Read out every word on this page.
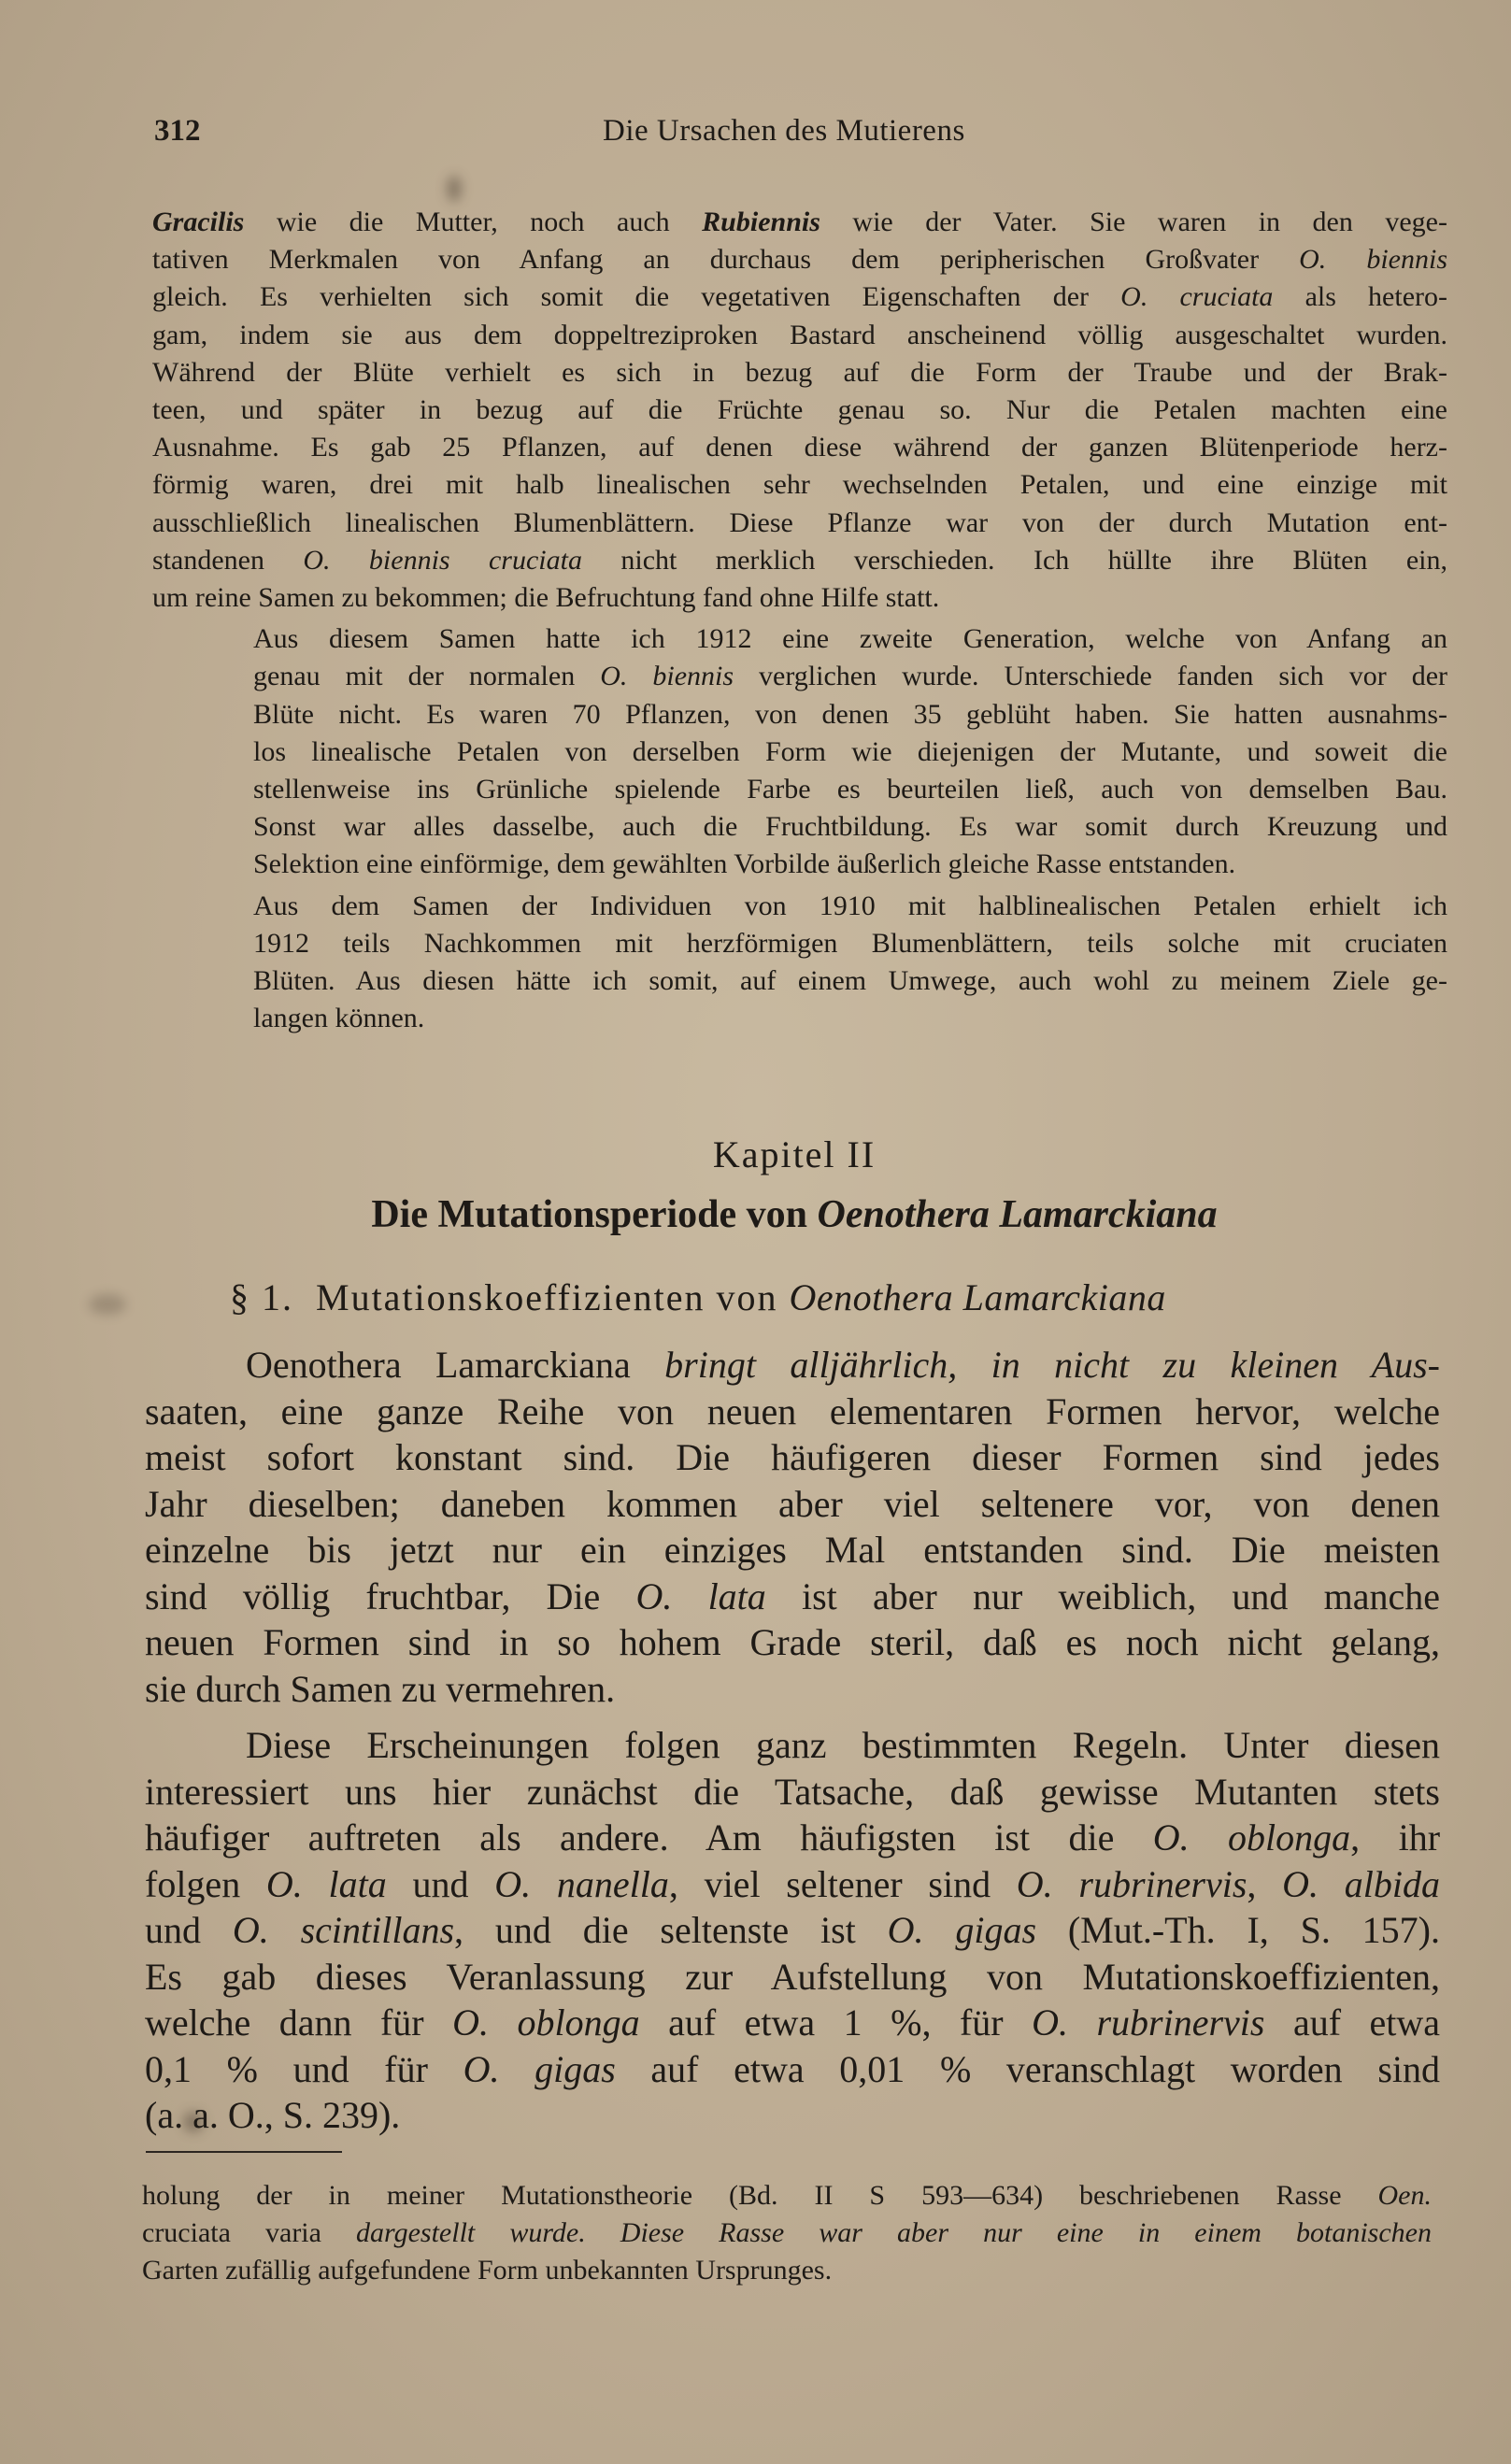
312	Die Ursachen des Mutierens

Gracilis wie die Mutter, noch auch Rubiennis wie der Vater. Sie waren in den vege-
tativen Merkmalen von Anfang an durchaus dem peripherischen Großvater O. biennis
gleich. Es verhielten sich somit die vegetativen Eigenschaften der O. cruciata als hetero-
gam, indem sie aus dem doppeltreziproken Bastard anscheinend völlig ausgeschaltet wurden.
Während der Blüte verhielt es sich in bezug auf die Form der Traube und der Brak-
teen, und später in bezug auf die Früchte genau so. Nur die Petalen machten eine
Ausnahme. Es gab 25 Pflanzen, auf denen diese während der ganzen Blütenperiode herz-
förmig waren, drei mit halb linealischen sehr wechselnden Petalen, und eine einzige mit
ausschließlich linealischen Blumenblättern. Diese Pflanze war von der durch Mutation ent-
standenen O. biennis cruciata nicht merklich verschieden. Ich hüllte ihre Blüten ein,
um reine Samen zu bekommen; die Befruchtung fand ohne Hilfe statt.

Aus diesem Samen hatte ich 1912 eine zweite Generation, welche von Anfang an
genau mit der normalen O. biennis verglichen wurde. Unterschiede fanden sich vor der
Blüte nicht. Es waren 70 Pflanzen, von denen 35 geblüht haben. Sie hatten ausnahms-
los linealische Petalen von derselben Form wie diejenigen der Mutante, und soweit die
stellenweise ins Grünliche spielende Farbe es beurteilen ließ, auch von demselben Bau.
Sonst war alles dasselbe, auch die Fruchtbildung. Es war somit durch Kreuzung und
Selektion eine einförmige, dem gewählten Vorbilde äußerlich gleiche Rasse entstanden.

Aus dem Samen der Individuen von 1910 mit halblinealischen Petalen erhielt ich
1912 teils Nachkommen mit herzförmigen Blumenblättern, teils solche mit cruciaten
Blüten. Aus diesen hätte ich somit, auf einem Umwege, auch wohl zu meinem Ziele ge-
langen können.

Kapitel II
Die Mutationsperiode von Oenothera Lamarckiana
§ 1. Mutationskoeffizienten von Oenothera Lamarckiana
Oenothera Lamarckiana bringt alljährlich, in nicht zu kleinen Aus-
saaten, eine ganze Reihe von neuen elementaren Formen hervor, welche
meist sofort konstant sind. Die häufigeren dieser Formen sind jedes
Jahr dieselben; daneben kommen aber viel seltenere vor, von denen
einzelne bis jetzt nur ein einziges Mal entstanden sind. Die meisten
sind völlig fruchtbar, Die O. lata ist aber nur weiblich, und manche
neuen Formen sind in so hohem Grade steril, daß es noch nicht gelang,
sie durch Samen zu vermehren.
Diese Erscheinungen folgen ganz bestimmten Regeln. Unter diesen
interessiert uns hier zunächst die Tatsache, daß gewisse Mutanten stets
häufiger auftreten als andere. Am häufigsten ist die O. oblonga, ihr
folgen O. lata und O. nanella, viel seltener sind O. rubrinervis, O. albida
und O. scintillans, und die seltenste ist O. gigas (Mut.-Th. I, S. 157).
Es gab dieses Veranlassung zur Aufstellung von Mutationskoeffizienten,
welche dann für O. oblonga auf etwa 1 %, für O. rubrinervis auf etwa
0,1 % und für O. gigas auf etwa 0,01 % veranschlagt worden sind
(a. a. O., S. 239).
holung der in meiner Mutationstheorie (Bd. II S 593—634) beschriebenen Rasse Oen.
cruciata varia dargestellt wurde. Diese Rasse war aber nur eine in einem botanischen
Garten zufällig aufgefundene Form unbekannten Ursprunges.
